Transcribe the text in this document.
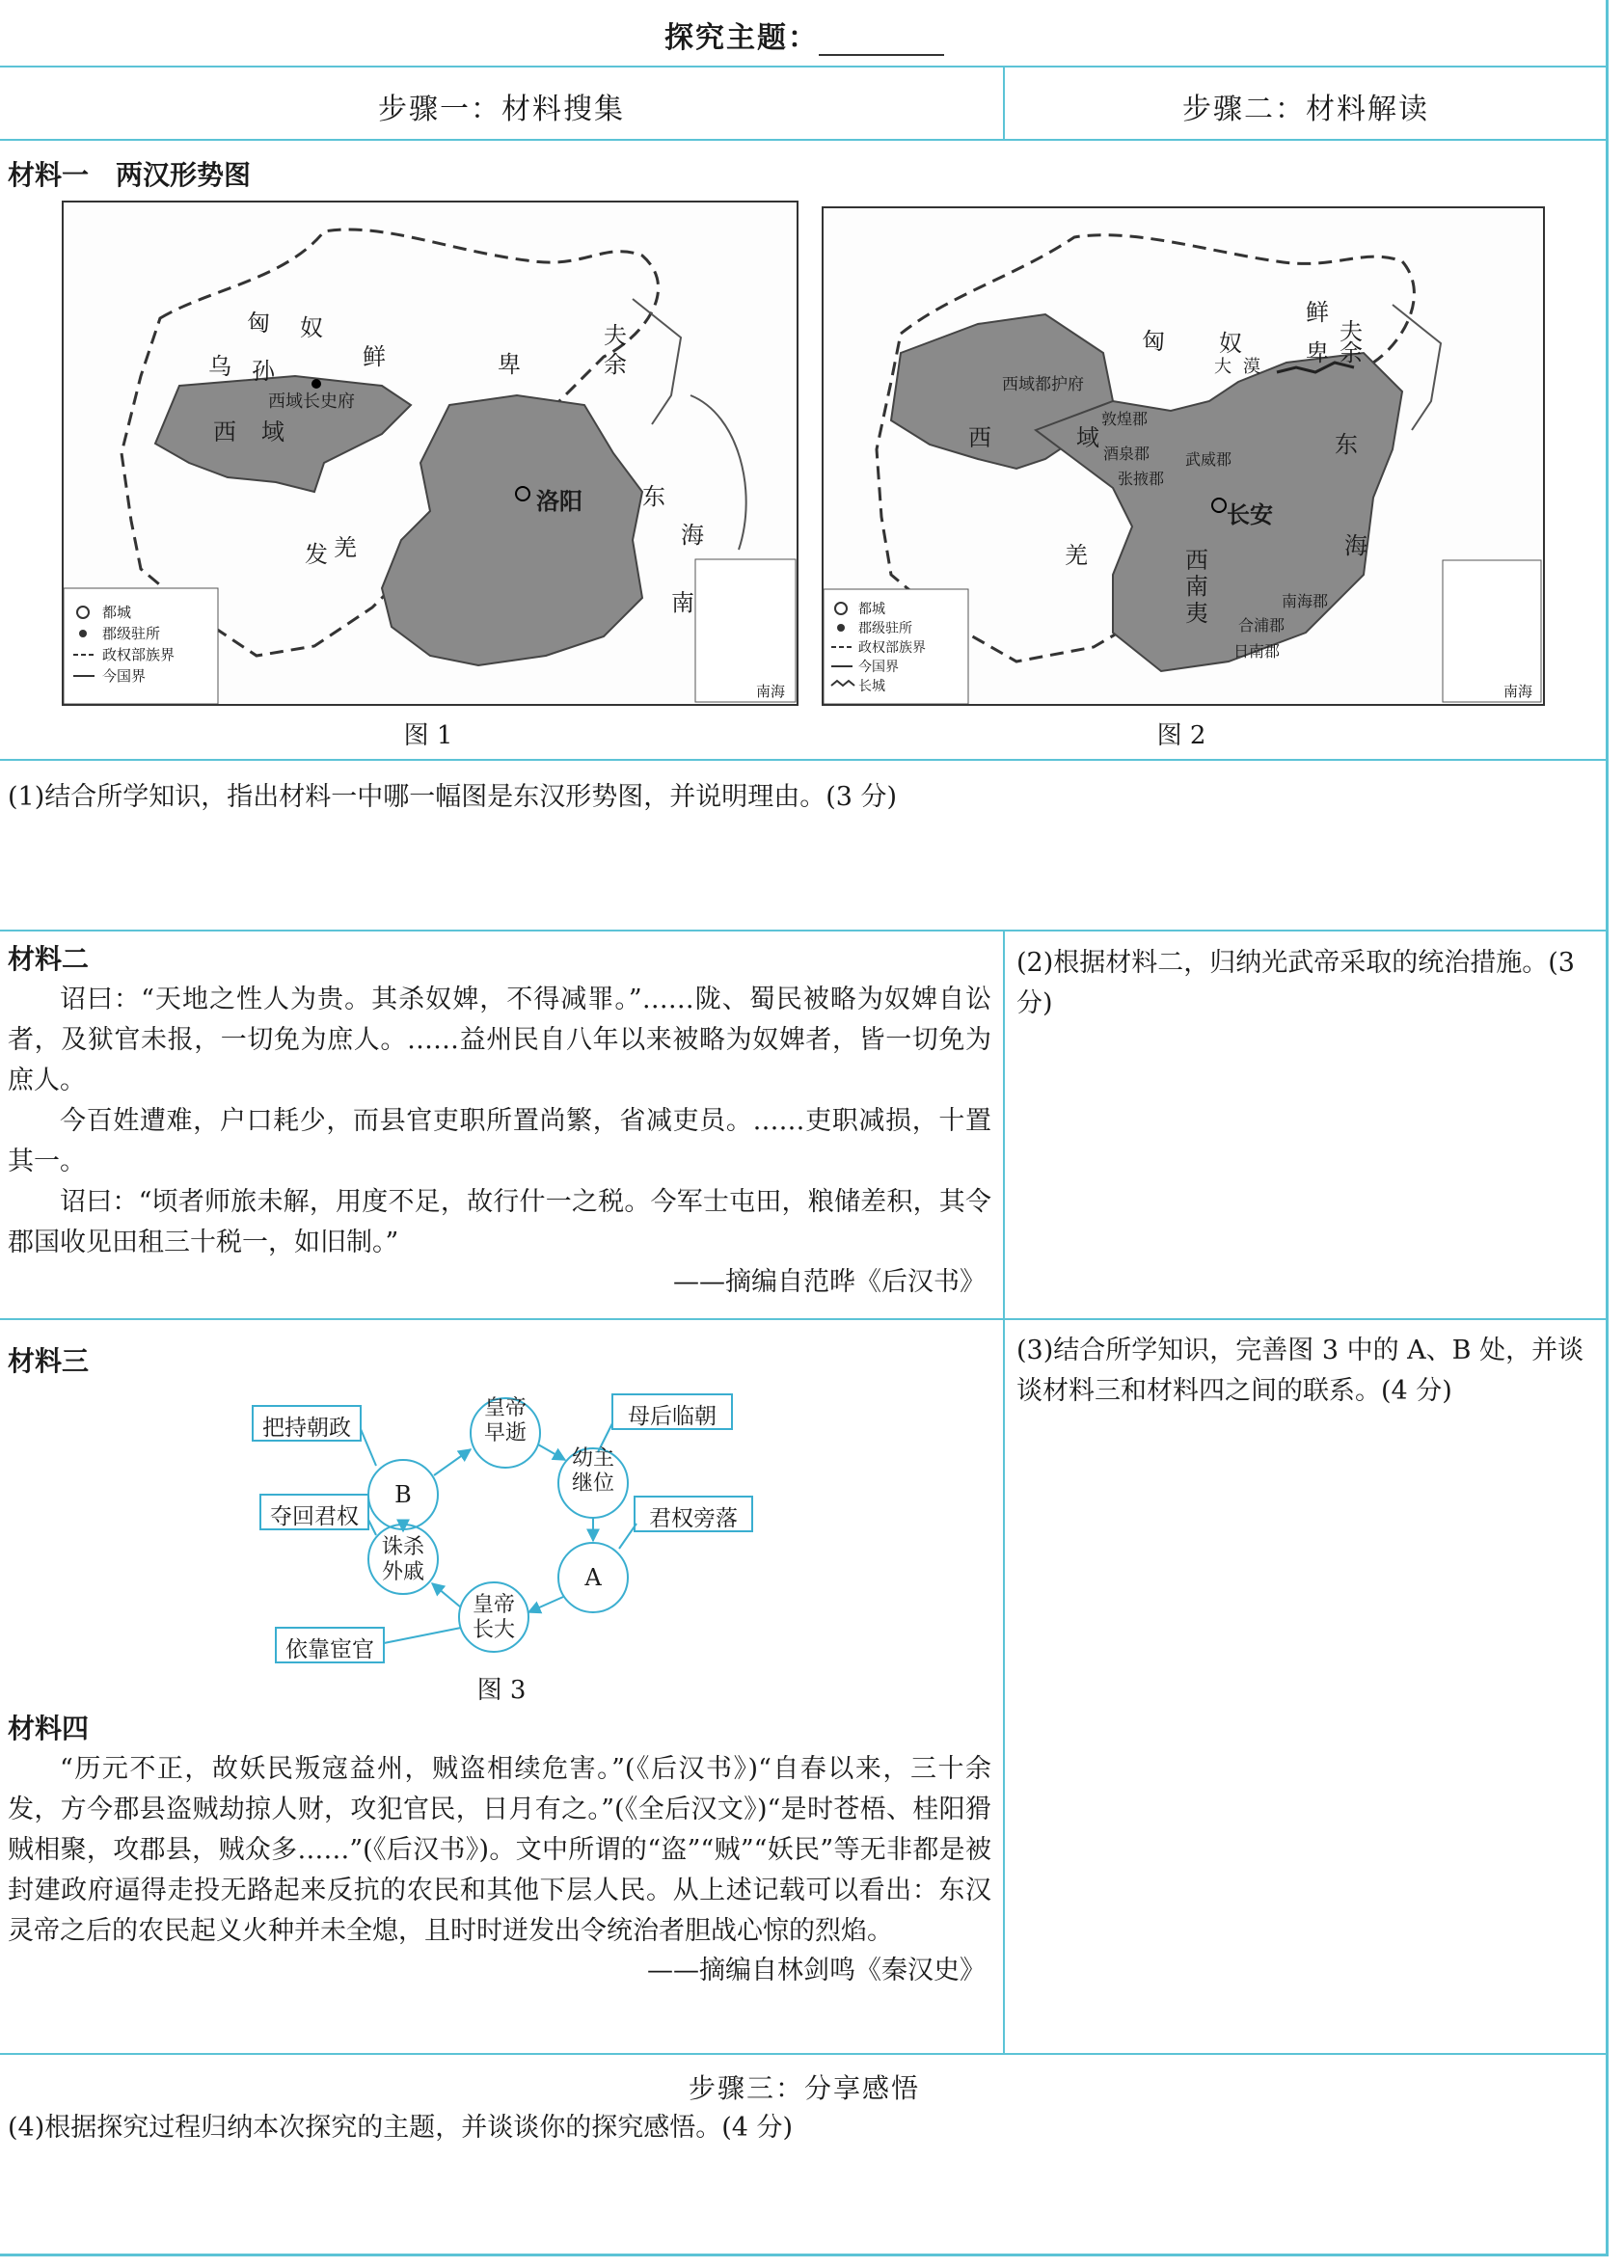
探究主题：
步骤一：材料搜集	步骤二：材料解读
材料一　两汉形势图
匈 奴
乌 孙
鲜	卑
夫
余
西域长史府
西 域
洛阳	东
海
南
发 羌
都城
郡级驻所
政权部族界
今国界
南海
图 1
鲜
夫
卑 余
匈 奴
大 漠
西域都护府
西	域
敦煌郡
酒泉郡 武威郡
张掖郡
长安
羌	西
南
夷	南海郡
合浦郡
日南郡
东
海
都城
郡级驻所
政权部族界
今国界
长城	南海
图 2
(1)结合所学知识，指出材料一中哪一幅图是东汉形势图，并说明理由。(3 分)
材料二

诏曰：“天地之性人为贵。其杀奴婢，不得减罪。”……陇、蜀民被略为奴婢自讼者，及狱官未报，一切免为庶人。……益州民自八年以来被略为奴婢者，皆一切免为庶人。

今百姓遭难，户口耗少，而县官吏职所置尚繁，省减吏员。……吏职减损，十置其一。

诏曰：“顷者师旅未解，用度不足，故行什一之税。今军士屯田，粮储差积，其令郡国收见田租三十税一，如旧制。”

——摘编自范晔《后汉书》
(2)根据材料二，归纳光武帝采取的统治措施。(3 分)
材料三
皇帝早逝
B
幼主继位
A
皇帝长大
诛杀外戚
把持朝政	母后临朝
夺回君权	君权旁落
依靠宦官
图 3
(3)结合所学知识，完善图 3 中的 A、B 处，并谈谈材料三和材料四之间的联系。(4 分)
材料四

“历元不正，故妖民叛寇益州，贼盗相续危害。”(《后汉书》)“自春以来，三十余发，方今郡县盗贼劫掠人财，攻犯官民，日月有之。”(《全后汉文》)“是时苍梧、桂阳猾贼相聚，攻郡县，贼众多……”(《后汉书》)。文中所谓的“盗”“贼”“妖民”等无非都是被封建政府逼得走投无路起来反抗的农民和其他下层人民。从上述记载可以看出：东汉灵帝之后的农民起义火种并未全熄，且时时迸发出令统治者胆战心惊的烈焰。

——摘编自林剑鸣《秦汉史》
步骤三：分享感悟
(4)根据探究过程归纳本次探究的主题，并谈谈你的探究感悟。(4 分)
